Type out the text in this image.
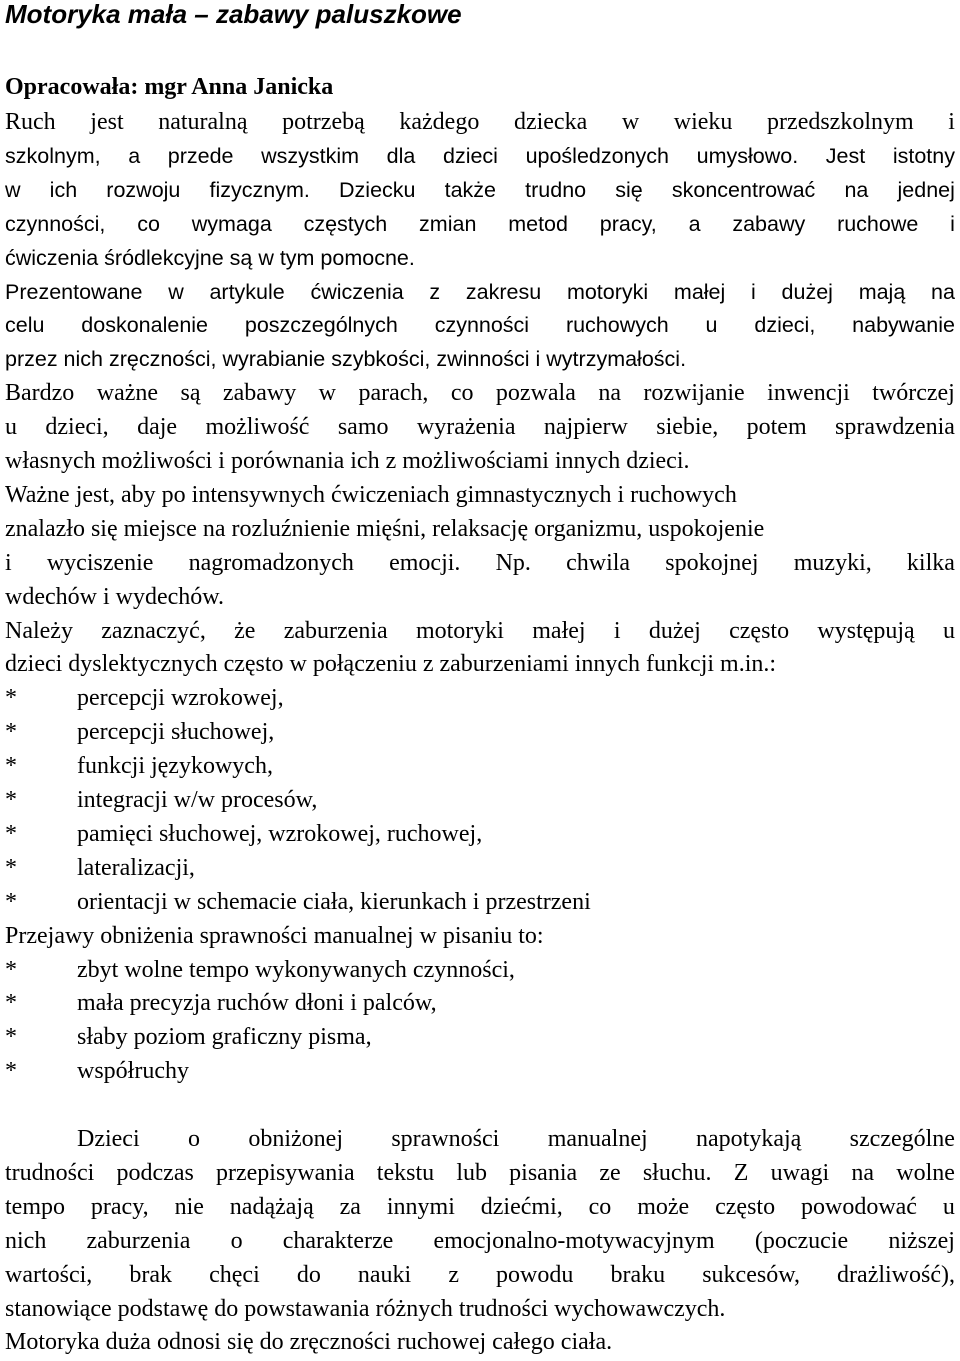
Motoryka mała – zabawy paluszkowe
Opracowała: mgr Anna Janicka
Ruch jest naturalną potrzebą każdego dziecka w wieku przedszkolnym i
szkolnym, a przede wszystkim dla dzieci upośledzonych umysłowo. Jest istotny
w ich rozwoju fizycznym. Dziecku także trudno się skoncentrować na jednej
czynności, co wymaga częstych zmian metod pracy, a zabawy ruchowe i
ćwiczenia śródlekcyjne są w tym pomocne.
Prezentowane w artykule ćwiczenia z zakresu motoryki małej i dużej mają na
celu doskonalenie poszczególnych czynności ruchowych u dzieci, nabywanie
przez nich zręczności, wyrabianie szybkości, zwinności i wytrzymałości.
Bardzo ważne są zabawy w parach, co pozwala na rozwijanie inwencji twórczej
u dzieci, daje możliwość samo wyrażenia najpierw siebie, potem sprawdzenia
własnych możliwości i porównania ich z możliwościami innych dzieci.
Ważne jest, aby po intensywnych ćwiczeniach gimnastycznych i ruchowych
znalazło się miejsce na rozluźnienie mięśni, relaksację organizmu, uspokojenie
i wyciszenie nagromadzonych emocji. Np. chwila spokojnej muzyki, kilka
wdechów i wydechów.
Należy zaznaczyć, że zaburzenia motoryki małej i dużej często występują u
dzieci dyslektycznych często w połączeniu z zaburzeniami innych funkcji m.in.:
*	percepcji wzrokowej,
*	percepcji słuchowej,
*	funkcji językowych,
*	integracji w/w procesów,
*	pamięci słuchowej, wzrokowej, ruchowej,
*	lateralizacji,
*	orientacji w schemacie ciała, kierunkach i przestrzeni
Przejawy obniżenia sprawności manualnej w pisaniu to:
*	zbyt wolne tempo wykonywanych czynności,
*	mała precyzja ruchów dłoni i palców,
*	słaby poziom graficzny pisma,
*	współruchy
Dzieci o obniżonej sprawności manualnej napotykają szczególne
trudności podczas przepisywania tekstu lub pisania ze słuchu. Z uwagi na wolne
tempo pracy, nie nadążają za innymi dziećmi, co może często powodować u
nich zaburzenia o charakterze emocjonalno-motywacyjnym (poczucie niższej
wartości, brak chęci do nauki z powodu braku sukcesów, drażliwość),
stanowiące podstawę do powstawania różnych trudności wychowawczych.
Motoryka duża odnosi się do zręczności ruchowej całego ciała.
